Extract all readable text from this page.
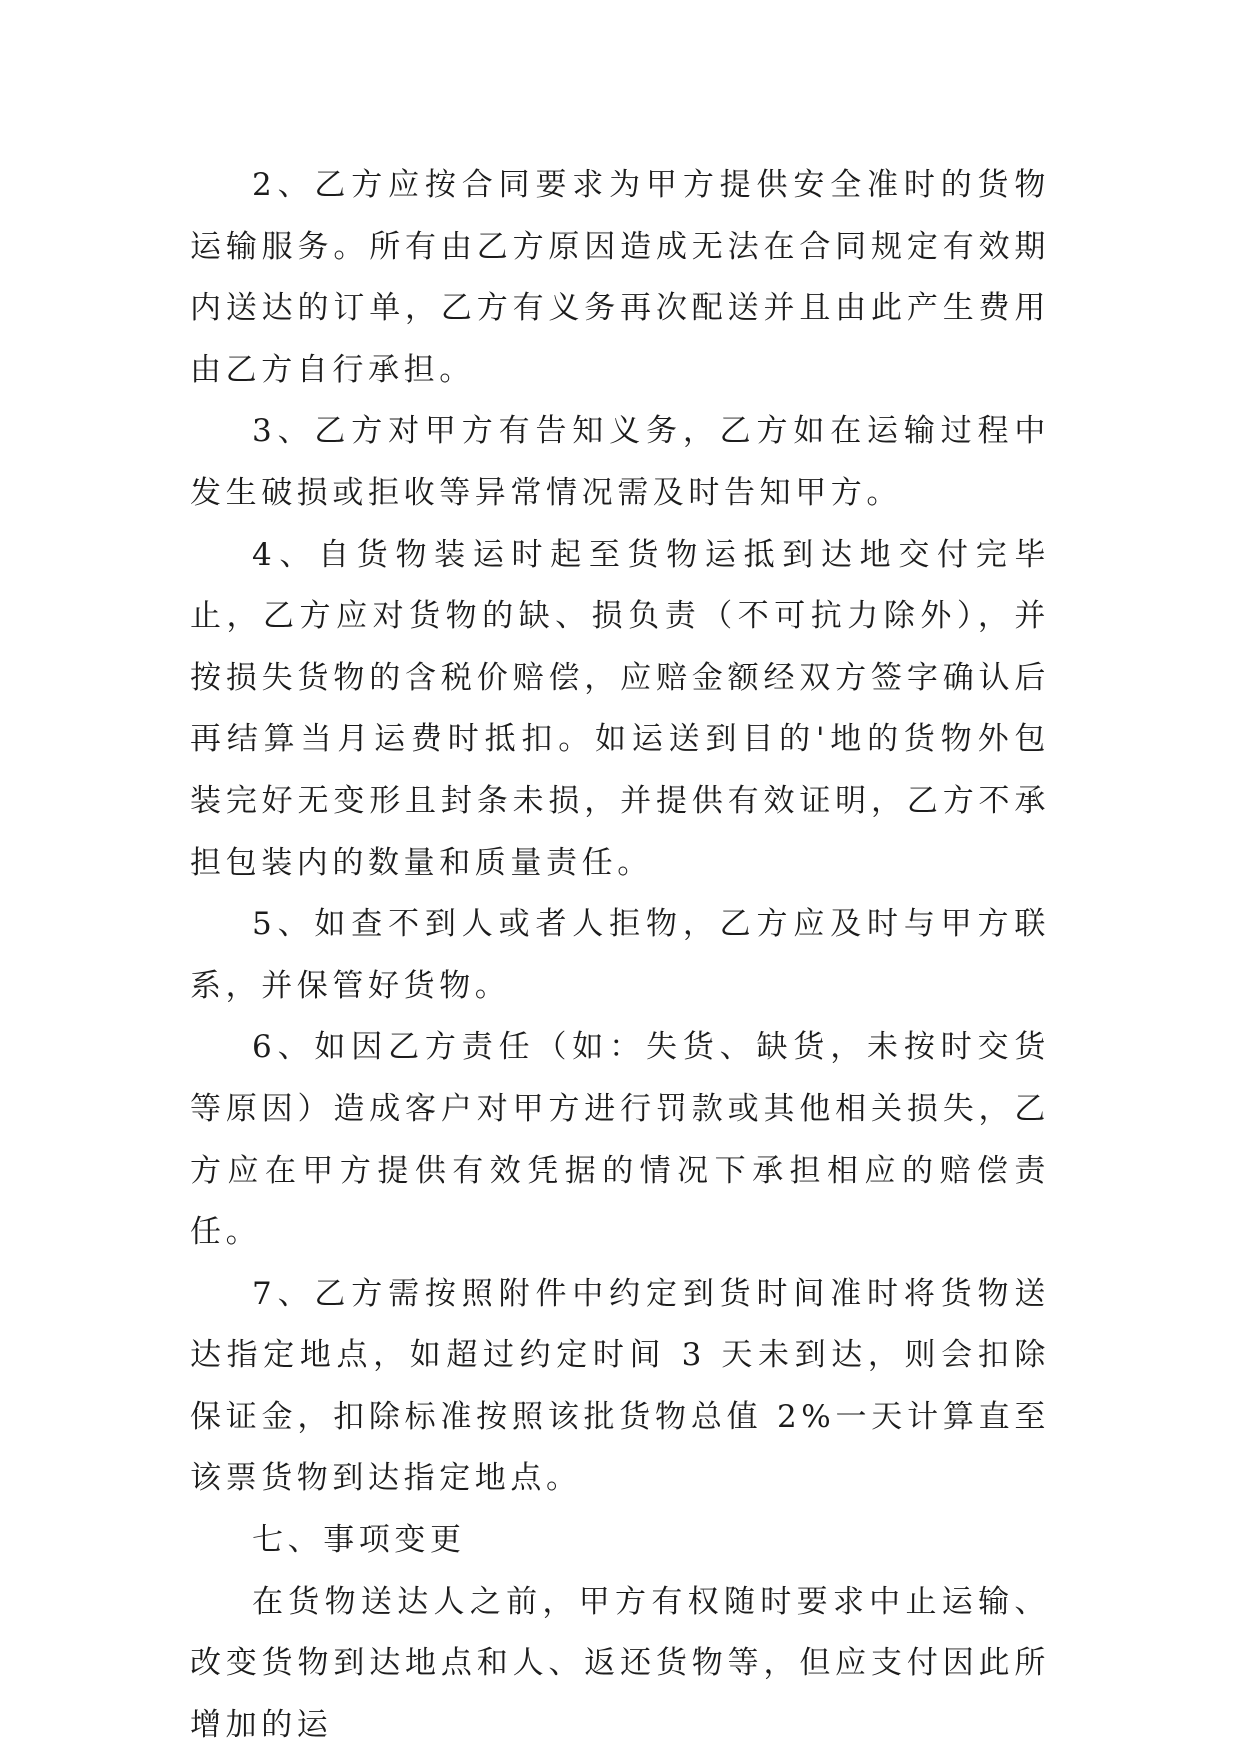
2、乙方应按合同要求为甲方提供安全准时的货物运输服务。所有由乙方原因造成无法在合同规定有效期内送达的订单，乙方有义务再次配送并且由此产生费用由乙方自行承担。

3、乙方对甲方有告知义务，乙方如在运输过程中发生破损或拒收等异常情况需及时告知甲方。

4、自货物装运时起至货物运抵到达地交付完毕止，乙方应对货物的缺、损负责（不可抗力除外），并按损失货物的含税价赔偿，应赔金额经双方签字确认后再结算当月运费时抵扣。如运送到目的'地的货物外包装完好无变形且封条未损，并提供有效证明，乙方不承担包装内的数量和质量责任。

5、如查不到人或者人拒物，乙方应及时与甲方联系，并保管好货物。

6、如因乙方责任（如：失货、缺货，未按时交货等原因）造成客户对甲方进行罚款或其他相关损失，乙方应在甲方提供有效凭据的情况下承担相应的赔偿责任。

7、乙方需按照附件中约定到货时间准时将货物送达指定地点，如超过约定时间 3 天未到达，则会扣除保证金，扣除标准按照该批货物总值 2%一天计算直至该票货物到达指定地点。

七、事项变更

在货物送达人之前，甲方有权随时要求中止运输、改变货物到达地点和人、返还货物等，但应支付因此所增加的运
